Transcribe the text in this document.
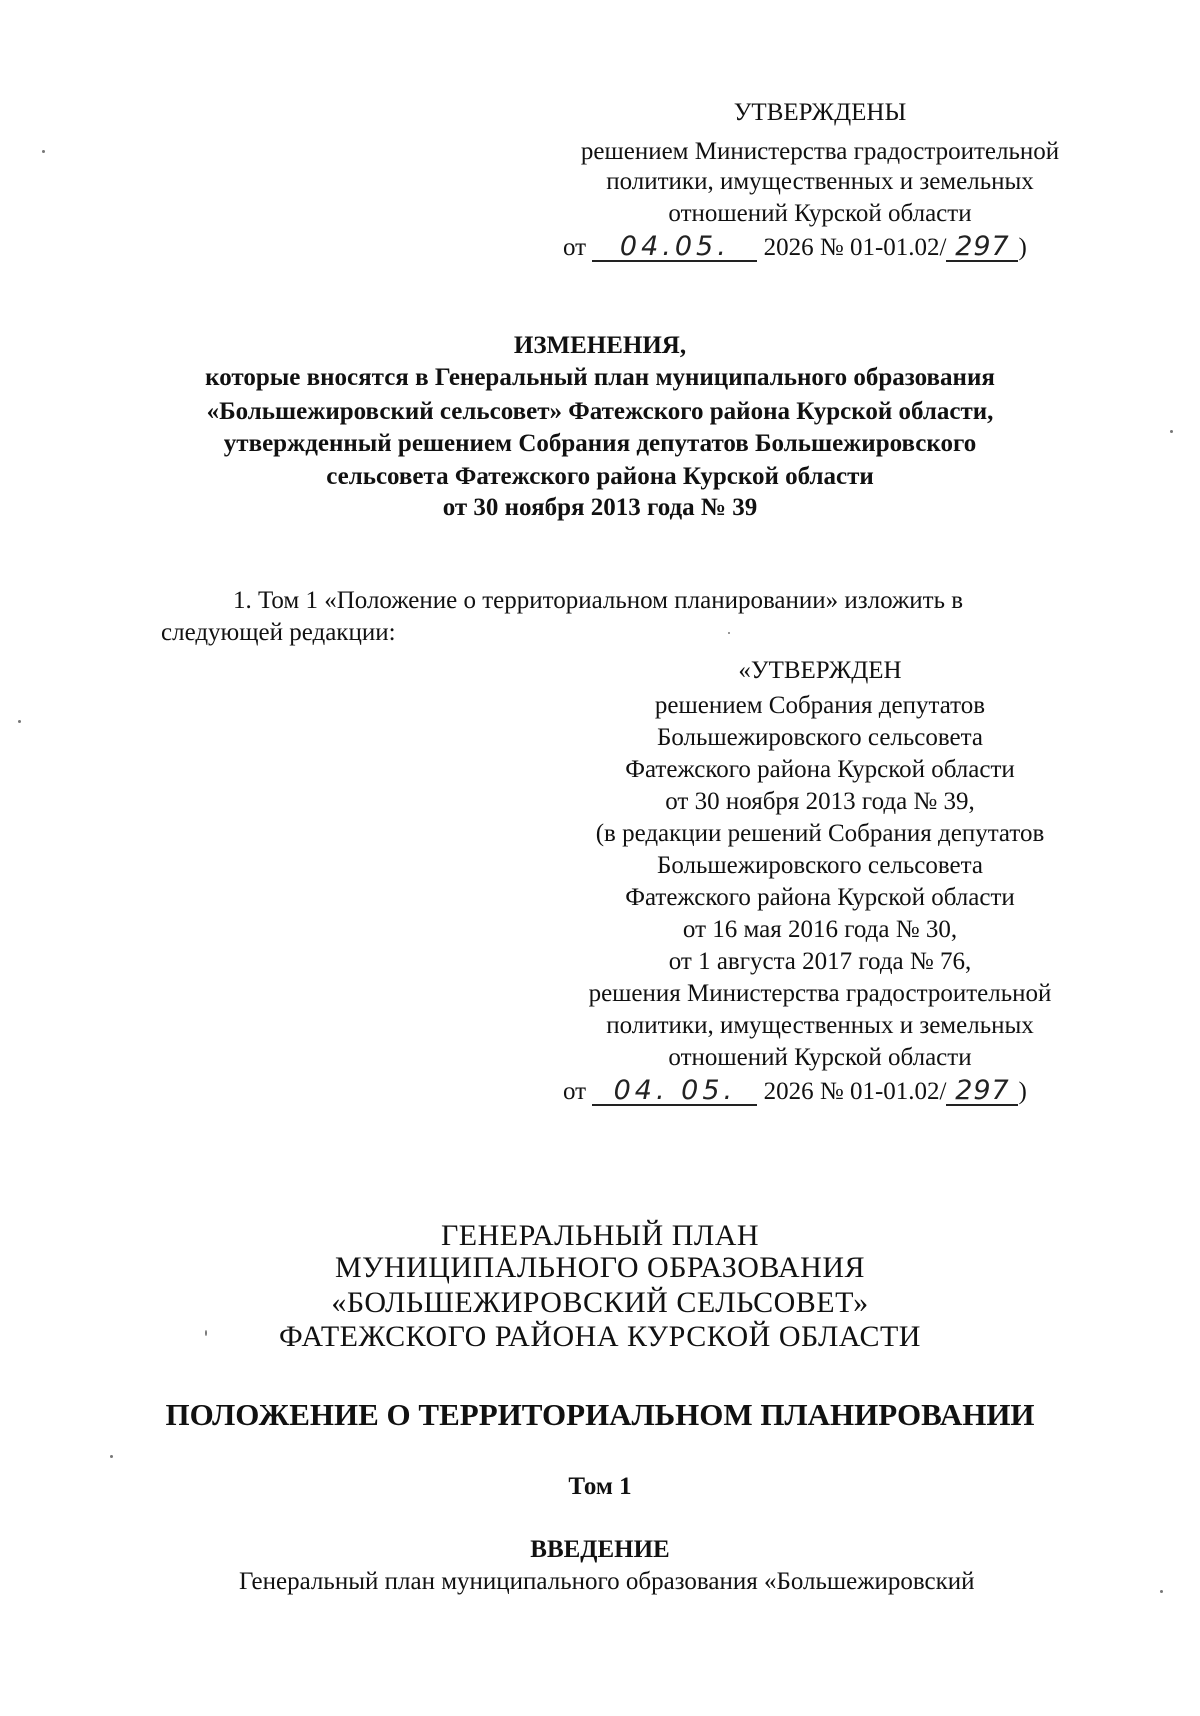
УТВЕРЖДЕНЫ
решением Министерства градостроительной
политики, имущественных и земельных
отношений Курской области
от 04.05. 2026 № 01-01.02/ 297 )
ИЗМЕНЕНИЯ,
которые вносятся в Генеральный план муниципального образования
«Большежировский сельсовет» Фатежского района Курской области,
утвержденный решением Собрания депутатов Большежировского
сельсовета Фатежского района Курской области
от 30 ноября 2013 года № 39
1. Том 1 «Положение о территориальном планировании» изложить в
следующей редакции:
«УТВЕРЖДЕН
решением Собрания депутатов
Большежировского сельсовета
Фатежского района Курской области
от 30 ноября 2013 года № 39,
(в редакции решений Собрания депутатов
Большежировского сельсовета
Фатежского района Курской области
от 16 мая 2016 года № 30,
от 1 августа 2017 года № 76,
решения Министерства градостроительной
политики, имущественных и земельных
отношений Курской области
от 04. 05. 2026 № 01-01.02/ 297 )
ГЕНЕРАЛЬНЫЙ ПЛАН
МУНИЦИПАЛЬНОГО ОБРАЗОВАНИЯ
«БОЛЬШЕЖИРОВСКИЙ СЕЛЬСОВЕТ»
ФАТЕЖСКОГО РАЙОНА КУРСКОЙ ОБЛАСТИ
ПОЛОЖЕНИЕ О ТЕРРИТОРИАЛЬНОМ ПЛАНИРОВАНИИ
Том 1
ВВЕДЕНИЕ
Генеральный план муниципального образования «Большежировский
